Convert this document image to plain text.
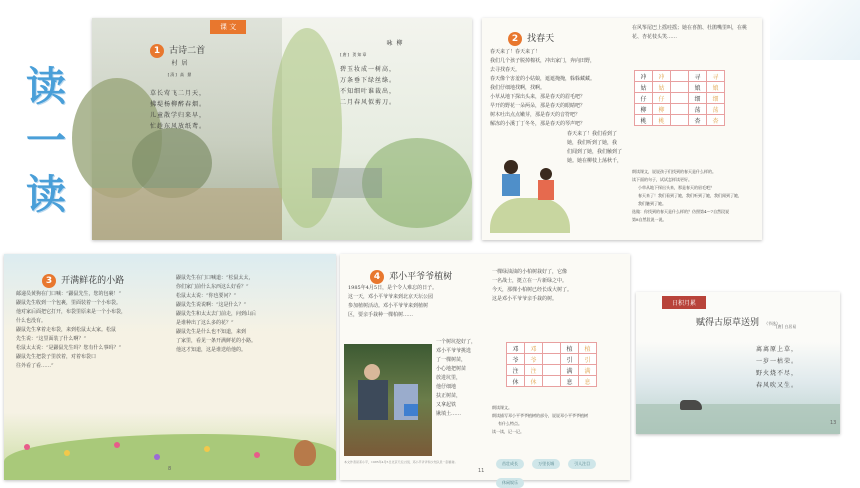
读
一
读
课 文
1 古诗二首
村 居
[清] 高 鼎
草长莺飞二月天，
拂堤杨柳醉春烟。
儿童散学归来早，
忙趁东风放纸鸢。
咏 柳
[唐] 贺知章
碧玉妆成一树高，
万条垂下绿丝绦。
不知细叶谁裁出，
二月春风似剪刀。
2 找春天
春天来了！春天来了！
我们几个孩子脱掉棉袄，冲出家门，奔向田野，
去寻找春天。
春天像个害羞的小姑娘，遮遮掩掩，躲躲藏藏。
我们仔细地找啊，找啊。
小草从地下探出头来，那是春天的眉毛吧？
早开的野花一朵两朵，那是春天的眼睛吧？
树木吐出点点嫩芽，那是春天的音符吧？
解冻的小溪丁丁冬冬，那是春天的琴声吧？
春天来了！我们看到了
她，我们听到了她，我
们闻到了她，我们触到了
她。她在柳枝上荡秋千，
在风筝尾巴上摇哇摇；她在喜鹊、杜鹃嘴里叫，在桃
花、杏花枝头笑……
冲	冲		寻	寻
姑	姑		娘	娘
仔	仔		细	细
柳	柳		荡	荡
桃	桃		杏	杏
朗读课文，说说孩子们找到的春天是什么样的。
读下面的句子，试试怎样读更好。
小草从地下探出头来，那是春天的眉毛吧？
春天来了！我们看到了她，我们听到了她，我们闻到了她，
我们触到了她。
选做：你找到的春天是什么样的？仿照第4～7自然段说
第8自然段说一说。
3 开满鲜花的小路
邮递员黄狗在门口喊：“鼹鼠先生，您的包裹！”
鼹鼠先生收到一个包裹，里面装着一个小布袋。
他对家后面把它打开，布袋里原来是一个小布袋，
什么也没有。
鼹鼠先生拿着走布袋，来到松鼠太太家。松鼠
先生说：“这里面装了什么啊？”
松鼠太太说：“是鼹鼠先生吗？您有什么事吗？”
鼹鼠先生把袋子里放着，对着布袋口
往外看了看……”
鼹鼠先生在门口喊道：“松鼠太太，
你们家门前什么东西这么好看？”
松鼠太太说：“你也要问？”
鼹鼠先生说说啊：“这是什么？”
鼹鼠先生和太太去门前走，问到山后
是谁种出了这么多的花？”
鼹鼠先生是什么也不知道，来到
了家里，看见一条开满鲜花的小路。
他这才知道，这是谁送给他的。
8
4 邓小平爷爷植树
1985年4月5日，是个令人难忘的日子。
这一天，邓小平爷爷来到北京天坛公园
参加植树活动。邓小平爷爷来到植树
区，要亲手栽种一棵柏树……
一个树坑挖好了，
邓小平爷爷挑选
了一棵树苗，
小心地把树苗
放进坑里，
他仔细地
扶正树苗，
又拿起铁
锹填土……
本文作者是邓小平，1985年4月5日北京天坛公园，邓小平爷爷和少先队员一起植树。
一棵绿油油的小柏树栽好了，它像
一名战士，挺立在一片新绿之中。
今天，那棵小柏树已经长成大树了。
这是邓小平爷爷亲手栽的树。
邓	邓		植	植
爷	爷		引	引
注	注		满	满
休	休		息	息
朗读课文。
朗读描写邓小平爷爷植树的部分，说说邓小平爷爷植树
有什么特点。
读一读，记一记。
茁壮成长	万里长城	引人注目 休闲娱乐
11
日积月累
赋得古原草送别 （节选）
[唐] 白居易
离离原上草，
一岁一枯荣。
野火烧不尽，
春风吹又生。
13
